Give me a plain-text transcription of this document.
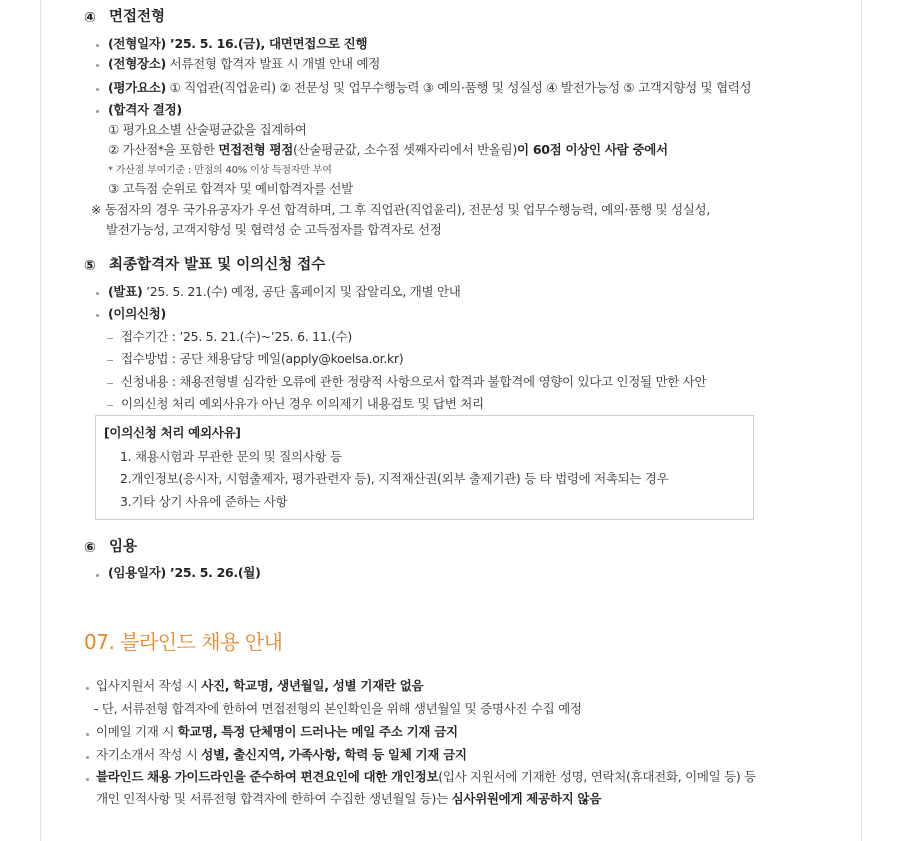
④ 면접전형
(전형일자) ’25. 5. 16.(금), 대면면접으로 진행
(전형장소) 서류전형 합격자 발표 시 개별 안내 예정
(평가요소) ① 직업관(직업윤리) ② 전문성 및 업무수행능력 ③ 예의·품행 및 성실성 ④ 발전가능성 ⑤ 고객지향성 및 협력성
(합격자 결정)
① 평가요소별 산술평균값을 집계하여
② 가산점*을 포함한 면접전형 평점(산술평균값, 소수점 셋째자리에서 반올림)이 60점 이상인 사람 중에서
* 가산점 부여기준 : 만점의 40% 이상 득점자만 부여
③ 고득점 순위로 합격자 및 예비합격자를 선발
※ 동점자의 경우 국가유공자가 우선 합격하며, 그 후 직업관(직업윤리), 전문성 및 업무수행능력, 예의·품행 및 성실성,
발전가능성, 고객지향성 및 협력성 순 고득점자를 합격자로 선정
⑤ 최종합격자 발표 및 이의신청 접수
(발표) ’25. 5. 21.(수) 예정, 공단 홈페이지 및 잡알리오, 개별 안내
(이의신청)
접수기간 : ’25. 5. 21.(수)~’25. 6. 11.(수)
접수방법 : 공단 채용담당 메일(apply@koelsa.or.kr)
신청내용 : 채용전형별 심각한 오류에 관한 정량적 사항으로서 합격과 불합격에 영향이 있다고 인정될 만한 사안
이의신청 처리 예외사유가 아닌 경우 이의제기 내용검토 및 답변 처리
[이의신청 처리 예외사유]
1. 채용시험과 무관한 문의 및 질의사항 등
2.개인정보(응시자, 시험출제자, 평가관련자 등), 지적재산권(외부 출제기관) 등 타 법령에 저촉되는 경우
3.기타 상기 사유에 준하는 사항
⑥ 임용
(임용일자) ’25. 5. 26.(월)
07. 블라인드 채용 안내
입사지원서 작성 시 사진, 학교명, 생년월일, 성별 기재란 없음
- 단, 서류전형 합격자에 한하여 면접전형의 본인확인을 위해 생년월일 및 증명사진 수집 예정
이메일 기재 시 학교명, 특정 단체명이 드러나는 메일 주소 기재 금지
자기소개서 작성 시 성별, 출신지역, 가족사항, 학력 등 일체 기재 금지
블라인드 채용 가이드라인을 준수하여 편견요인에 대한 개인정보(입사 지원서에 기재한 성명, 연락처(휴대전화, 이메일 등) 등
개인 인적사항 및 서류전형 합격자에 한하여 수집한 생년월일 등)는 심사위원에게 제공하지 않음
